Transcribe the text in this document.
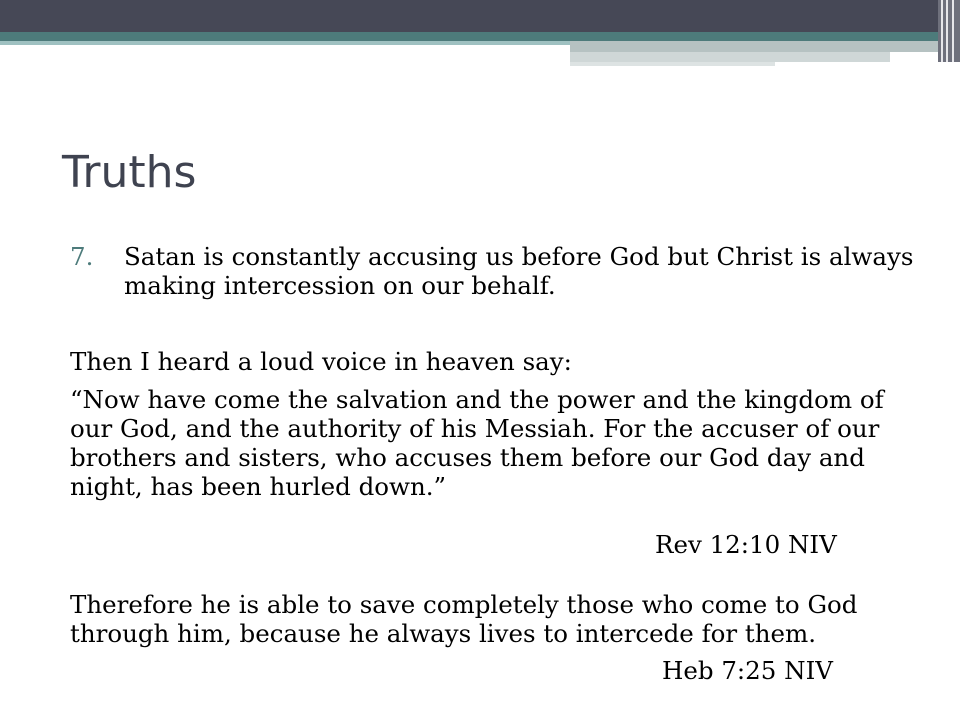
Truths
7. Satan is constantly accusing us before God but Christ is always making intercession on our behalf.

Then I heard a loud voice in heaven say:

“Now have come the salvation and the power and the kingdom of our God, and the authority of his Messiah. For the accuser of our brothers and sisters, who accuses them before our God day and night, has been hurled down.”

Rev 12:10 NIV

Therefore he is able to save completely those who come to God through him, because he always lives to intercede for them.

Heb 7:25 NIV
